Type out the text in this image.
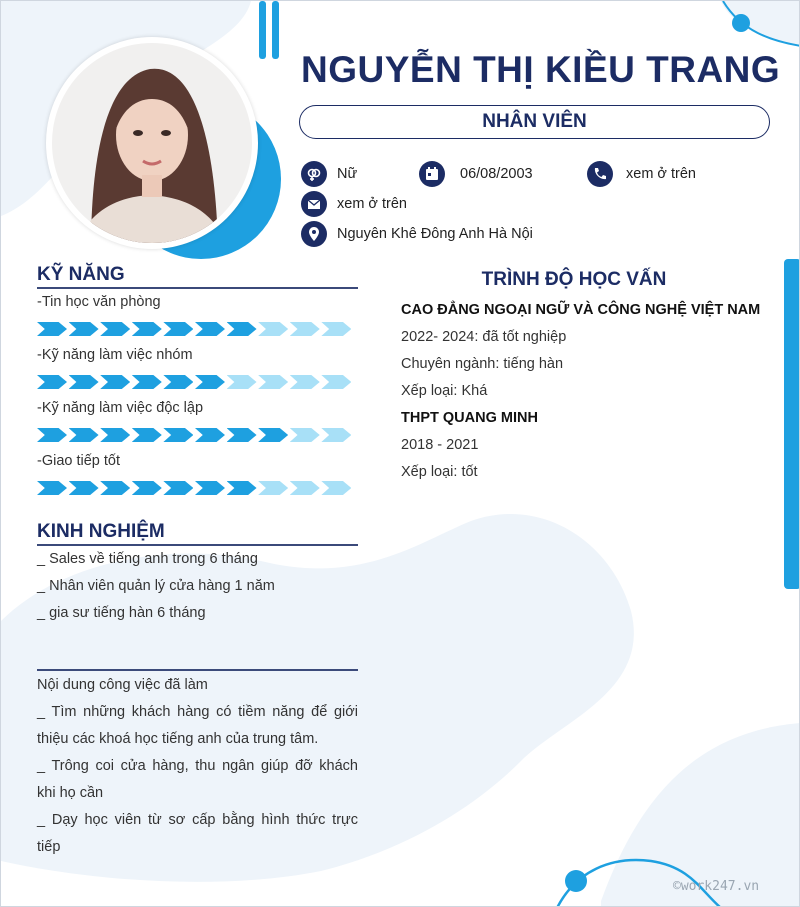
NGUYỄN THỊ KIỀU TRANG
NHÂN VIÊN
Nữ	06/08/2003	xem ở trên
xem ở trên
Nguyên Khê Đông Anh Hà Nội
KỸ NĂNG
-Tin học văn phòng
-Kỹ năng làm việc nhóm
-Kỹ năng làm việc độc lập
-Giao tiếp tốt
KINH NGHIỆM
_ Sales về tiếng anh trong 6 tháng
_ Nhân viên quản lý cửa hàng 1 năm
_ gia sư tiếng hàn 6 tháng
Nội dung công việc đã làm
_ Tìm những khách hàng có tiềm năng để giới
thiệu các khoá học tiếng anh của trung tâm.
_ Trông coi cửa hàng, thu ngân giúp đỡ khách
khi họ cần
_ Dạy học viên từ sơ cấp bằng hình thức trực
tiếp
TRÌNH ĐỘ HỌC VẤN
CAO ĐẲNG NGOẠI NGỮ VÀ CÔNG NGHỆ VIỆT NAM
2022- 2024: đã tốt nghiệp
Chuyên ngành: tiếng hàn
Xếp loại: Khá
THPT QUANG MINH
2018 - 2021
Xếp loại: tốt
©work247.vn
